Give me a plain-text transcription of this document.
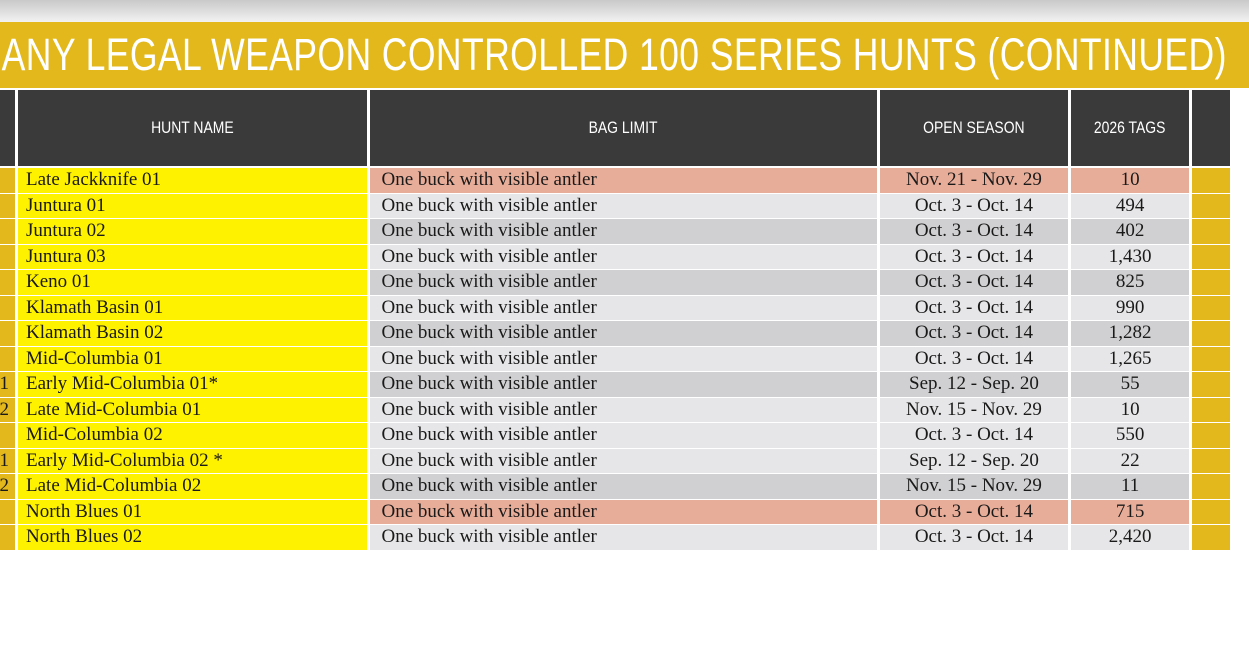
ANY LEGAL WEAPON CONTROLLED 100 SERIES HUNTS (CONTINUED)
	HUNT NAME	BAG LIMIT	OPEN SEASON	2026 TAGS	
	Late Jackknife 01	One buck with visible antler	Nov. 21 - Nov. 29	10	
	Juntura 01	One buck with visible antler	Oct. 3 - Oct. 14	494	
	Juntura 02	One buck with visible antler	Oct. 3 - Oct. 14	402	
	Juntura 03	One buck with visible antler	Oct. 3 - Oct. 14	1,430	
	Keno 01	One buck with visible antler	Oct. 3 - Oct. 14	825	
	Klamath Basin 01	One buck with visible antler	Oct. 3 - Oct. 14	990	
	Klamath Basin 02	One buck with visible antler	Oct. 3 - Oct. 14	1,282	
	Mid-Columbia 01	One buck with visible antler	Oct. 3 - Oct. 14	1,265	
1	Early Mid-Columbia 01*	One buck with visible antler	Sep. 12 - Sep. 20	55	
2	Late Mid-Columbia 01	One buck with visible antler	Nov. 15 - Nov. 29	10	
	Mid-Columbia 02	One buck with visible antler	Oct. 3 - Oct. 14	550	
1	Early Mid-Columbia 02 *	One buck with visible antler	Sep. 12 - Sep. 20	22	
2	Late Mid-Columbia 02	One buck with visible antler	Nov. 15 - Nov. 29	11	
	North Blues 01	One buck with visible antler	Oct. 3 - Oct. 14	715	
	North Blues 02	One buck with visible antler	Oct. 3 - Oct. 14	2,420	
